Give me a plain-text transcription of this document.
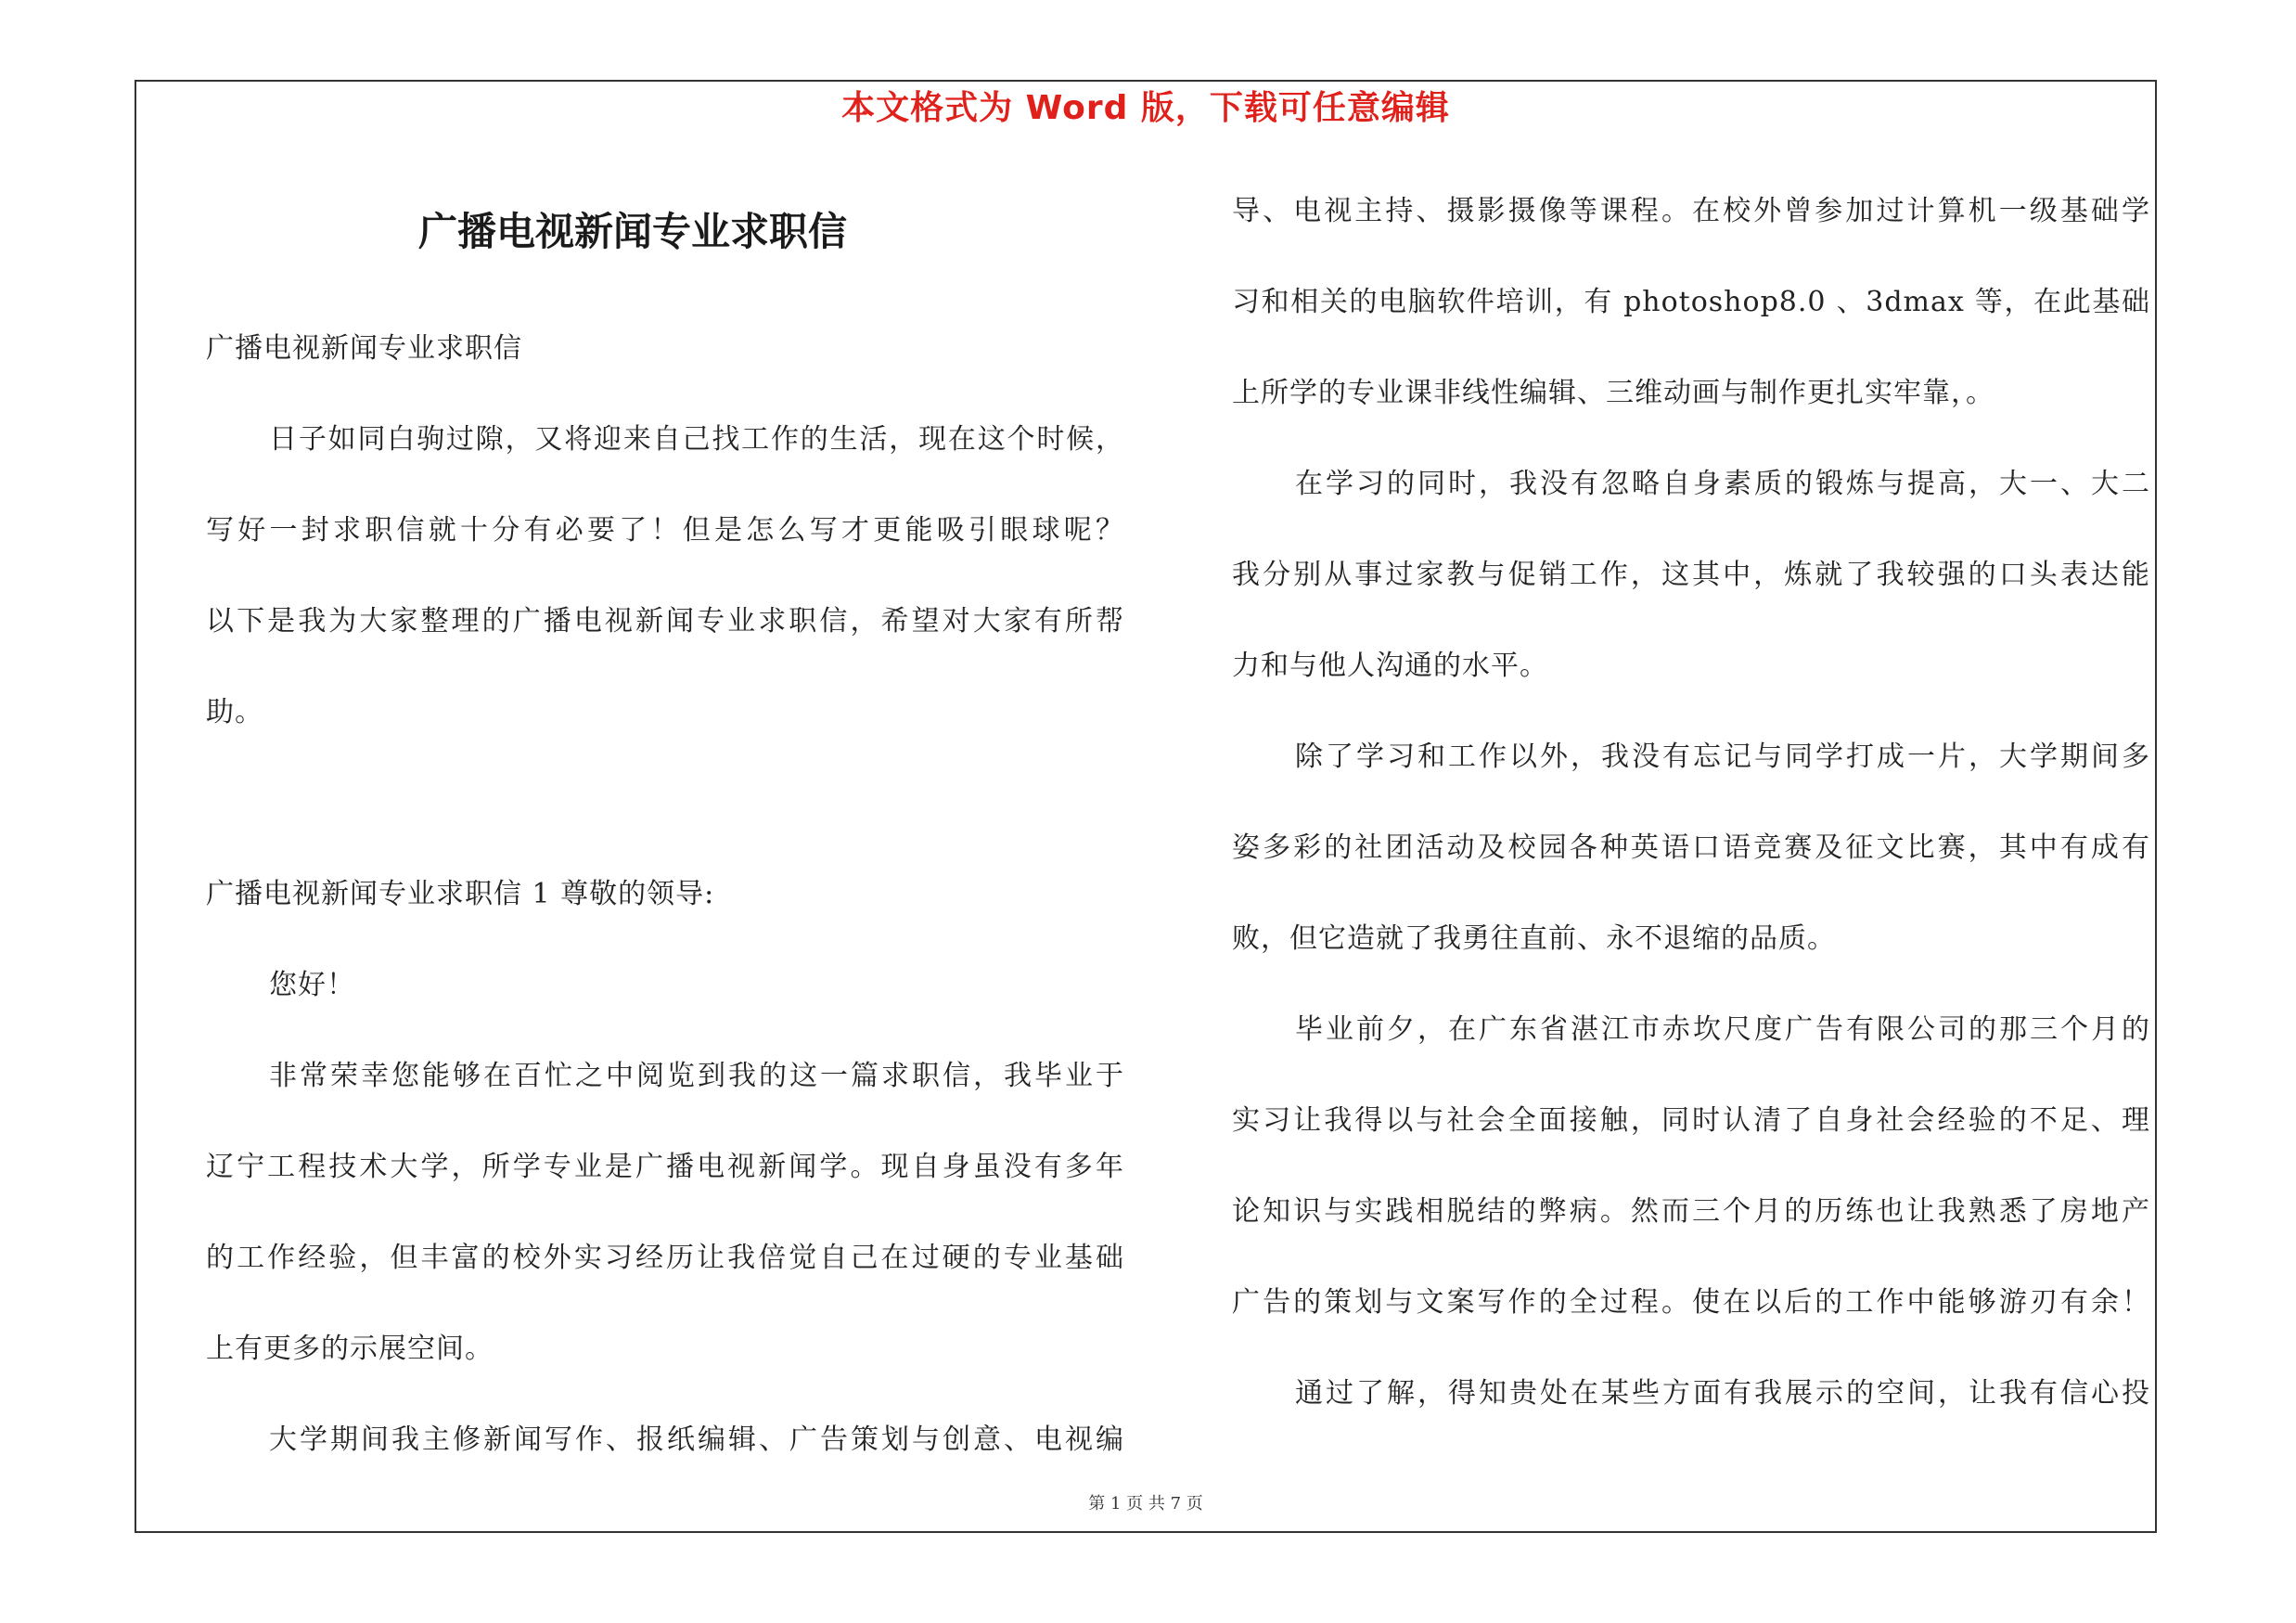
本文格式为 Word 版，下载可任意编辑
广播电视新闻专业求职信
广播电视新闻专业求职信
日子如同白驹过隙，又将迎来自己找工作的生活，现在这个时候，
写好一封求职信就十分有必要了！但是怎么写才更能吸引眼球呢？
以下是我为大家整理的广播电视新闻专业求职信，希望对大家有所帮
助。
广播电视新闻专业求职信 1 尊敬的领导:
您好！
非常荣幸您能够在百忙之中阅览到我的这一篇求职信，我毕业于
辽宁工程技术大学，所学专业是广播电视新闻学。现自身虽没有多年
的工作经验，但丰富的校外实习经历让我倍觉自己在过硬的专业基础
上有更多的示展空间。
大学期间我主修新闻写作、报纸编辑、广告策划与创意、电视编
导、电视主持、摄影摄像等课程。在校外曾参加过计算机一级基础学
习和相关的电脑软件培训，有 photoshop8.0 、3dmax 等，在此基础
上所学的专业课非线性编辑、三维动画与制作更扎实牢靠，。
在学习的同时，我没有忽略自身素质的锻炼与提高，大一、大二
我分别从事过家教与促销工作，这其中，炼就了我较强的口头表达能
力和与他人沟通的水平。
除了学习和工作以外，我没有忘记与同学打成一片，大学期间多
姿多彩的社团活动及校园各种英语口语竞赛及征文比赛，其中有成有
败，但它造就了我勇往直前、永不退缩的品质。
毕业前夕，在广东省湛江市赤坎尺度广告有限公司的那三个月的
实习让我得以与社会全面接触，同时认清了自身社会经验的不足、理
论知识与实践相脱结的弊病。然而三个月的历练也让我熟悉了房地产
广告的策划与文案写作的全过程。使在以后的工作中能够游刃有余！
通过了解，得知贵处在某些方面有我展示的空间，让我有信心投
第 1 页 共 7 页
